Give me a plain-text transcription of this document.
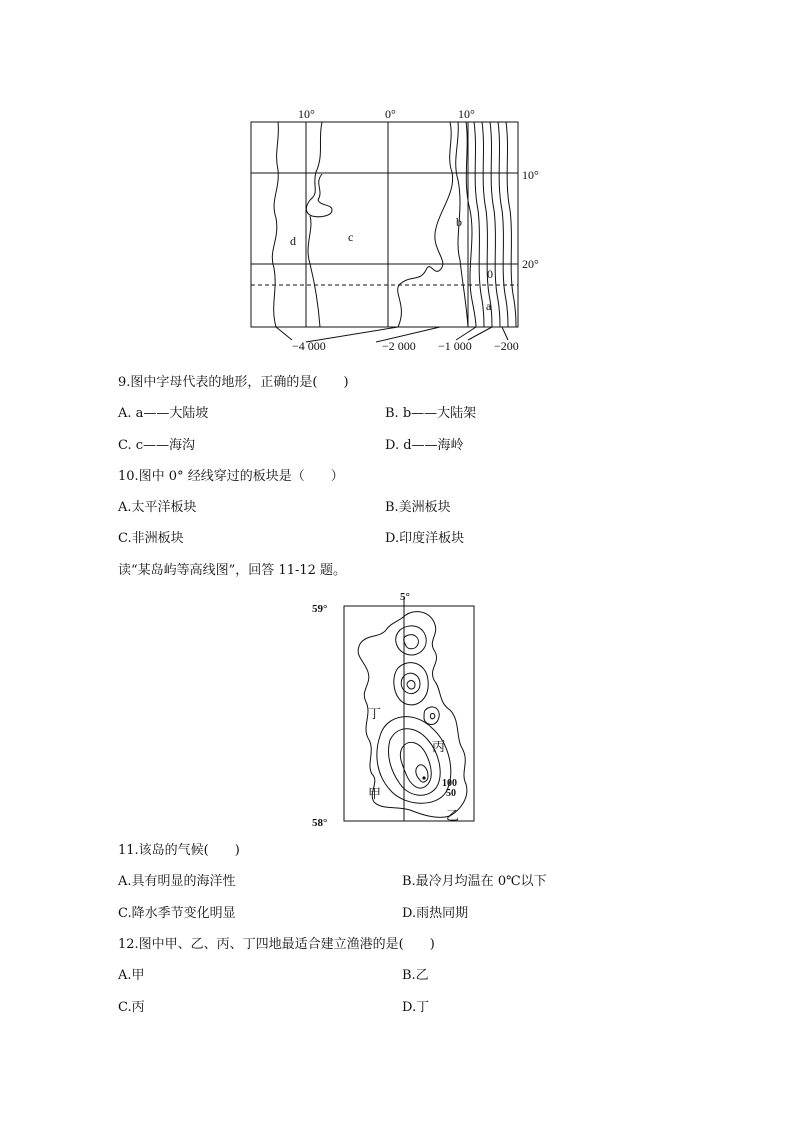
10°	0°	10°
10°
20°
d	c
b
0
a
−4 000	−2 000 −1 000 −200
9.图中字母代表的地形，正确的是(　　)
A. a——大陆坡	B. b——大陆架
C. c——海沟	D. d——海岭
10.图中 0° 经线穿过的板块是（　　）
A.太平洋板块	B.美洲板块
C.非洲板块	D.印度洋板块
读“某岛屿等高线图”，回答 11-12 题。
59°
58°
5°
甲
乙
丙
丁
100
50
11.该岛的气候(　　)
A.具有明显的海洋性	B.最冷月均温在 0℃以下
C.降水季节变化明显	D.雨热同期
12.图中甲、乙、丙、丁四地最适合建立渔港的是(　　)
A.甲	B.乙
C.丙	D.丁
